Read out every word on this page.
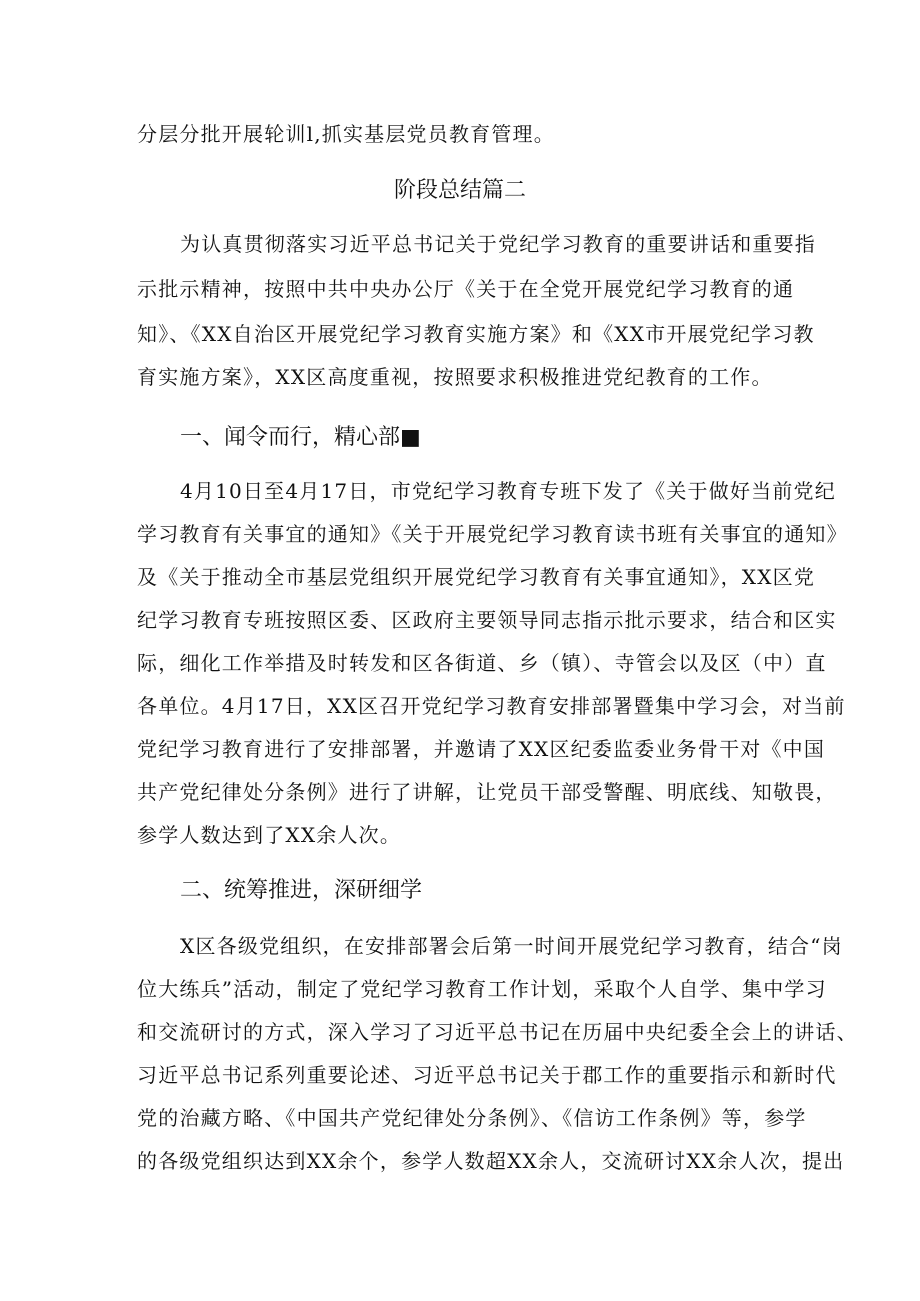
分层分批开展轮训l,抓实基层党员教育管理。
阶段总结篇二
为认真贯彻落实习近平总书记关于党纪学习教育的重要讲话和重要指
示批示精神，按照中共中央办公厅《关于在全党开展党纪学习教育的通
知》、《XX自治区开展党纪学习教育实施方案》和《XX市开展党纪学习教
育实施方案》，XX区高度重视，按照要求积极推进党纪教育的工作。
一、闻令而行，精心部■
4月10日至4月17日，市党纪学习教育专班下发了《关于做好当前党纪
学习教育有关事宜的通知》《关于开展党纪学习教育读书班有关事宜的通知》
及《关于推动全市基层党组织开展党纪学习教育有关事宜通知》，XX区党
纪学习教育专班按照区委、区政府主要领导同志指示批示要求，结合和区实
际，细化工作举措及时转发和区各街道、乡（镇）、寺管会以及区（中）直
各单位。4月17日，XX区召开党纪学习教育安排部署暨集中学习会，对当前
党纪学习教育进行了安排部署，并邀请了XX区纪委监委业务骨干对《中国
共产党纪律处分条例》进行了讲解，让党员干部受警醒、明底线、知敬畏，
参学人数达到了XX余人次。
二、统筹推进，深研细学
X区各级党组织，在安排部署会后第一时间开展党纪学习教育，结合“岗
位大练兵”活动，制定了党纪学习教育工作计划，采取个人自学、集中学习
和交流研讨的方式，深入学习了习近平总书记在历届中央纪委全会上的讲话、
习近平总书记系列重要论述、习近平总书记关于郡工作的重要指示和新时代
党的治藏方略、《中国共产党纪律处分条例》、《信访工作条例》等，参学
的各级党组织达到XX余个，参学人数超XX余人，交流研讨XX余人次，提出
